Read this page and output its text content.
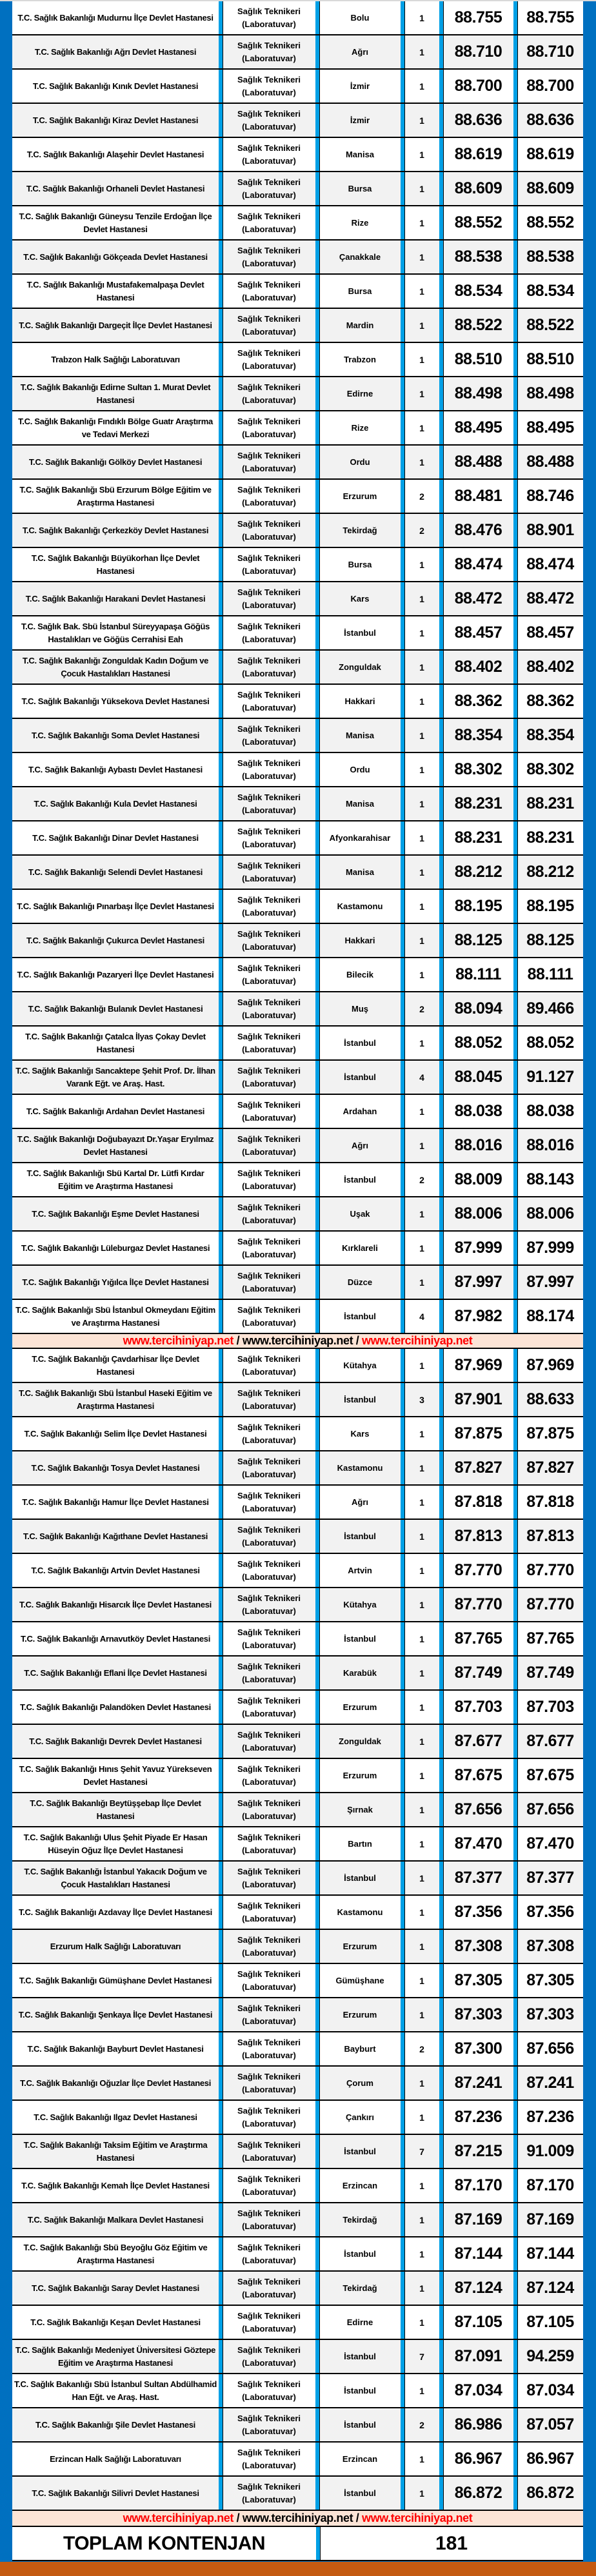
T.C. Sağlık Bakanlığı Mudurnu İlçe Devlet Hastanesi
Sağlık Teknikeri (Laboratuvar)
Bolu	1	88.755	88.755
T.C. Sağlık Bakanlığı Ağrı Devlet Hastanesi
Sağlık Teknikeri (Laboratuvar)
Ağrı	1	88.710	88.710
T.C. Sağlık Bakanlığı Kınık Devlet Hastanesi
Sağlık Teknikeri (Laboratuvar)
İzmir	1	88.700	88.700
T.C. Sağlık Bakanlığı Kiraz Devlet Hastanesi
Sağlık Teknikeri (Laboratuvar)
İzmir	1	88.636	88.636
T.C. Sağlık Bakanlığı Alaşehir Devlet Hastanesi
Sağlık Teknikeri (Laboratuvar)
Manisa	1	88.619	88.619
T.C. Sağlık Bakanlığı Orhaneli Devlet Hastanesi
Sağlık Teknikeri (Laboratuvar)
Bursa	1	88.609	88.609
T.C. Sağlık Bakanlığı Güneysu Tenzile Erdoğan İlçe Devlet Hastanesi
Sağlık Teknikeri (Laboratuvar)
Rize	1	88.552	88.552
T.C. Sağlık Bakanlığı Gökçeada Devlet Hastanesi
Sağlık Teknikeri (Laboratuvar)
Çanakkale	1	88.538	88.538
T.C. Sağlık Bakanlığı Mustafakemalpaşa Devlet Hastanesi
Sağlık Teknikeri (Laboratuvar)
Bursa	1	88.534	88.534
T.C. Sağlık Bakanlığı Dargeçit İlçe Devlet Hastanesi
Sağlık Teknikeri (Laboratuvar)
Mardin	1	88.522	88.522
Trabzon Halk Sağlığı Laboratuvarı
Sağlık Teknikeri (Laboratuvar)
Trabzon	1	88.510	88.510
T.C. Sağlık Bakanlığı Edirne Sultan 1. Murat Devlet Hastanesi
Sağlık Teknikeri (Laboratuvar)
Edirne	1	88.498	88.498
T.C. Sağlık Bakanlığı Fındıklı Bölge Guatr Araştırma ve Tedavi Merkezi
Sağlık Teknikeri (Laboratuvar)
Rize	1	88.495	88.495
T.C. Sağlık Bakanlığı Gölköy Devlet Hastanesi
Sağlık Teknikeri (Laboratuvar)
Ordu	1	88.488	88.488
T.C. Sağlık Bakanlığı Sbü Erzurum Bölge Eğitim ve Araştırma Hastanesi
Sağlık Teknikeri (Laboratuvar)
Erzurum	2	88.481	88.746
T.C. Sağlık Bakanlığı Çerkezköy Devlet Hastanesi
Sağlık Teknikeri (Laboratuvar)
Tekirdağ	2	88.476	88.901
T.C. Sağlık Bakanlığı Büyükorhan İlçe Devlet Hastanesi
Sağlık Teknikeri (Laboratuvar)
Bursa	1	88.474	88.474
T.C. Sağlık Bakanlığı Harakani Devlet Hastanesi
Sağlık Teknikeri (Laboratuvar)
Kars	1	88.472	88.472
T.C. Sağlık Bak. Sbü İstanbul Süreyyapaşa Göğüs Hastalıkları ve Göğüs Cerrahisi Eah
Sağlık Teknikeri (Laboratuvar)
İstanbul	1	88.457	88.457
T.C. Sağlık Bakanlığı Zonguldak Kadın Doğum ve Çocuk Hastalıkları Hastanesi
Sağlık Teknikeri (Laboratuvar)
Zonguldak	1	88.402	88.402
T.C. Sağlık Bakanlığı Yüksekova Devlet Hastanesi
Sağlık Teknikeri (Laboratuvar)
Hakkari	1	88.362	88.362
T.C. Sağlık Bakanlığı Soma Devlet Hastanesi
Sağlık Teknikeri (Laboratuvar)
Manisa	1	88.354	88.354
T.C. Sağlık Bakanlığı Aybastı Devlet Hastanesi
Sağlık Teknikeri (Laboratuvar)
Ordu	1	88.302	88.302
T.C. Sağlık Bakanlığı Kula Devlet Hastanesi
Sağlık Teknikeri (Laboratuvar)
Manisa	1	88.231	88.231
T.C. Sağlık Bakanlığı Dinar Devlet Hastanesi
Sağlık Teknikeri (Laboratuvar)
Afyonkarahisar	1	88.231	88.231
T.C. Sağlık Bakanlığı Selendi Devlet Hastanesi
Sağlık Teknikeri (Laboratuvar)
Manisa	1	88.212	88.212
T.C. Sağlık Bakanlığı Pınarbaşı İlçe Devlet Hastanesi
Sağlık Teknikeri (Laboratuvar)
Kastamonu	1	88.195	88.195
T.C. Sağlık Bakanlığı Çukurca Devlet Hastanesi
Sağlık Teknikeri (Laboratuvar)
Hakkari	1	88.125	88.125
T.C. Sağlık Bakanlığı Pazaryeri İlçe Devlet Hastanesi
Sağlık Teknikeri (Laboratuvar)
Bilecik	1	88.111	88.111
T.C. Sağlık Bakanlığı Bulanık Devlet Hastanesi
Sağlık Teknikeri (Laboratuvar)
Muş	2	88.094	89.466
T.C. Sağlık Bakanlığı Çatalca İlyas Çokay Devlet Hastanesi
Sağlık Teknikeri (Laboratuvar)
İstanbul	1	88.052	88.052
T.C. Sağlık Bakanlığı Sancaktepe Şehit Prof. Dr. İlhan Varank Eğt. ve Araş. Hast.
Sağlık Teknikeri (Laboratuvar)
İstanbul	4	88.045	91.127
T.C. Sağlık Bakanlığı Ardahan Devlet Hastanesi
Sağlık Teknikeri (Laboratuvar)
Ardahan	1	88.038	88.038
T.C. Sağlık Bakanlığı Doğubayazıt Dr.Yaşar Eryılmaz Devlet Hastanesi
Sağlık Teknikeri (Laboratuvar)
Ağrı	1	88.016	88.016
T.C. Sağlık Bakanlığı Sbü Kartal Dr. Lütfi Kırdar Eğitim ve Araştırma Hastanesi
Sağlık Teknikeri (Laboratuvar)
İstanbul	2	88.009	88.143
T.C. Sağlık Bakanlığı Eşme Devlet Hastanesi
Sağlık Teknikeri (Laboratuvar)
Uşak	1	88.006	88.006
T.C. Sağlık Bakanlığı Lüleburgaz Devlet Hastanesi
Sağlık Teknikeri (Laboratuvar)
Kırklareli	1	87.999	87.999
T.C. Sağlık Bakanlığı Yığılca İlçe Devlet Hastanesi
Sağlık Teknikeri (Laboratuvar)
Düzce	1	87.997	87.997
T.C. Sağlık Bakanlığı Sbü İstanbul Okmeydanı Eğitim ve Araştırma Hastanesi
Sağlık Teknikeri (Laboratuvar)
İstanbul	4	87.982	88.174
www.tercihiniyap.net / www.tercihiniyap.net / www.tercihiniyap.net
T.C. Sağlık Bakanlığı Çavdarhisar İlçe Devlet Hastanesi
Sağlık Teknikeri (Laboratuvar)
Kütahya	1	87.969	87.969
T.C. Sağlık Bakanlığı Sbü İstanbul Haseki Eğitim ve Araştırma Hastanesi
Sağlık Teknikeri (Laboratuvar)
İstanbul	3	87.901	88.633
T.C. Sağlık Bakanlığı Selim İlçe Devlet Hastanesi
Sağlık Teknikeri (Laboratuvar)
Kars	1	87.875	87.875
T.C. Sağlık Bakanlığı Tosya Devlet Hastanesi
Sağlık Teknikeri (Laboratuvar)
Kastamonu	1	87.827	87.827
T.C. Sağlık Bakanlığı Hamur İlçe Devlet Hastanesi
Sağlık Teknikeri (Laboratuvar)
Ağrı	1	87.818	87.818
T.C. Sağlık Bakanlığı Kağıthane Devlet Hastanesi
Sağlık Teknikeri (Laboratuvar)
İstanbul	1	87.813	87.813
T.C. Sağlık Bakanlığı Artvin Devlet Hastanesi
Sağlık Teknikeri (Laboratuvar)
Artvin	1	87.770	87.770
T.C. Sağlık Bakanlığı Hisarcık İlçe Devlet Hastanesi
Sağlık Teknikeri (Laboratuvar)
Kütahya	1	87.770	87.770
T.C. Sağlık Bakanlığı Arnavutköy Devlet Hastanesi
Sağlık Teknikeri (Laboratuvar)
İstanbul	1	87.765	87.765
T.C. Sağlık Bakanlığı Eflani İlçe Devlet Hastanesi
Sağlık Teknikeri (Laboratuvar)
Karabük	1	87.749	87.749
T.C. Sağlık Bakanlığı Palandöken Devlet Hastanesi
Sağlık Teknikeri (Laboratuvar)
Erzurum	1	87.703	87.703
T.C. Sağlık Bakanlığı Devrek Devlet Hastanesi
Sağlık Teknikeri (Laboratuvar)
Zonguldak	1	87.677	87.677
T.C. Sağlık Bakanlığı Hınıs Şehit Yavuz Yürekseven Devlet Hastanesi
Sağlık Teknikeri (Laboratuvar)
Erzurum	1	87.675	87.675
T.C. Sağlık Bakanlığı Beytüşşebap İlçe Devlet Hastanesi
Sağlık Teknikeri (Laboratuvar)
Şırnak	1	87.656	87.656
T.C. Sağlık Bakanlığı Ulus Şehit Piyade Er Hasan Hüseyin Oğuz İlçe Devlet Hastanesi
Sağlık Teknikeri (Laboratuvar)
Bartın	1	87.470	87.470
T.C. Sağlık Bakanlığı İstanbul Yakacık Doğum ve Çocuk Hastalıkları Hastanesi
Sağlık Teknikeri (Laboratuvar)
İstanbul	1	87.377	87.377
T.C. Sağlık Bakanlığı Azdavay İlçe Devlet Hastanesi
Sağlık Teknikeri (Laboratuvar)
Kastamonu	1	87.356	87.356
Erzurum Halk Sağlığı Laboratuvarı
Sağlık Teknikeri (Laboratuvar)
Erzurum	1	87.308	87.308
T.C. Sağlık Bakanlığı Gümüşhane Devlet Hastanesi
Sağlık Teknikeri (Laboratuvar)
Gümüşhane	1	87.305	87.305
T.C. Sağlık Bakanlığı Şenkaya İlçe Devlet Hastanesi
Sağlık Teknikeri (Laboratuvar)
Erzurum	1	87.303	87.303
T.C. Sağlık Bakanlığı Bayburt Devlet Hastanesi
Sağlık Teknikeri (Laboratuvar)
Bayburt	2	87.300	87.656
T.C. Sağlık Bakanlığı Oğuzlar İlçe Devlet Hastanesi
Sağlık Teknikeri (Laboratuvar)
Çorum	1	87.241	87.241
T.C. Sağlık Bakanlığı Ilgaz Devlet Hastanesi
Sağlık Teknikeri (Laboratuvar)
Çankırı	1	87.236	87.236
T.C. Sağlık Bakanlığı Taksim Eğitim ve Araştırma Hastanesi
Sağlık Teknikeri (Laboratuvar)
İstanbul	7	87.215	91.009
T.C. Sağlık Bakanlığı Kemah İlçe Devlet Hastanesi
Sağlık Teknikeri (Laboratuvar)
Erzincan	1	87.170	87.170
T.C. Sağlık Bakanlığı Malkara Devlet Hastanesi
Sağlık Teknikeri (Laboratuvar)
Tekirdağ	1	87.169	87.169
T.C. Sağlık Bakanlığı Sbü Beyoğlu Göz Eğitim ve Araştırma Hastanesi
Sağlık Teknikeri (Laboratuvar)
İstanbul	1	87.144	87.144
T.C. Sağlık Bakanlığı Saray Devlet Hastanesi
Sağlık Teknikeri (Laboratuvar)
Tekirdağ	1	87.124	87.124
T.C. Sağlık Bakanlığı Keşan Devlet Hastanesi
Sağlık Teknikeri (Laboratuvar)
Edirne	1	87.105	87.105
T.C. Sağlık Bakanlığı Medeniyet Üniversitesi Göztepe Eğitim ve Araştırma Hastanesi
Sağlık Teknikeri (Laboratuvar)
İstanbul	7	87.091	94.259
T.C. Sağlık Bakanlığı Sbü İstanbul Sultan Abdülhamid Han Eğt. ve Araş. Hast.
Sağlık Teknikeri (Laboratuvar)
İstanbul	1	87.034	87.034
T.C. Sağlık Bakanlığı Şile Devlet Hastanesi
Sağlık Teknikeri (Laboratuvar)
İstanbul	2	86.986	87.057
Erzincan Halk Sağlığı Laboratuvarı
Sağlık Teknikeri (Laboratuvar)
Erzincan	1	86.967	86.967
T.C. Sağlık Bakanlığı Silivri Devlet Hastanesi
Sağlık Teknikeri (Laboratuvar)
İstanbul	1	86.872	86.872
www.tercihiniyap.net / www.tercihiniyap.net / www.tercihiniyap.net
TOPLAM KONTENJAN	181
